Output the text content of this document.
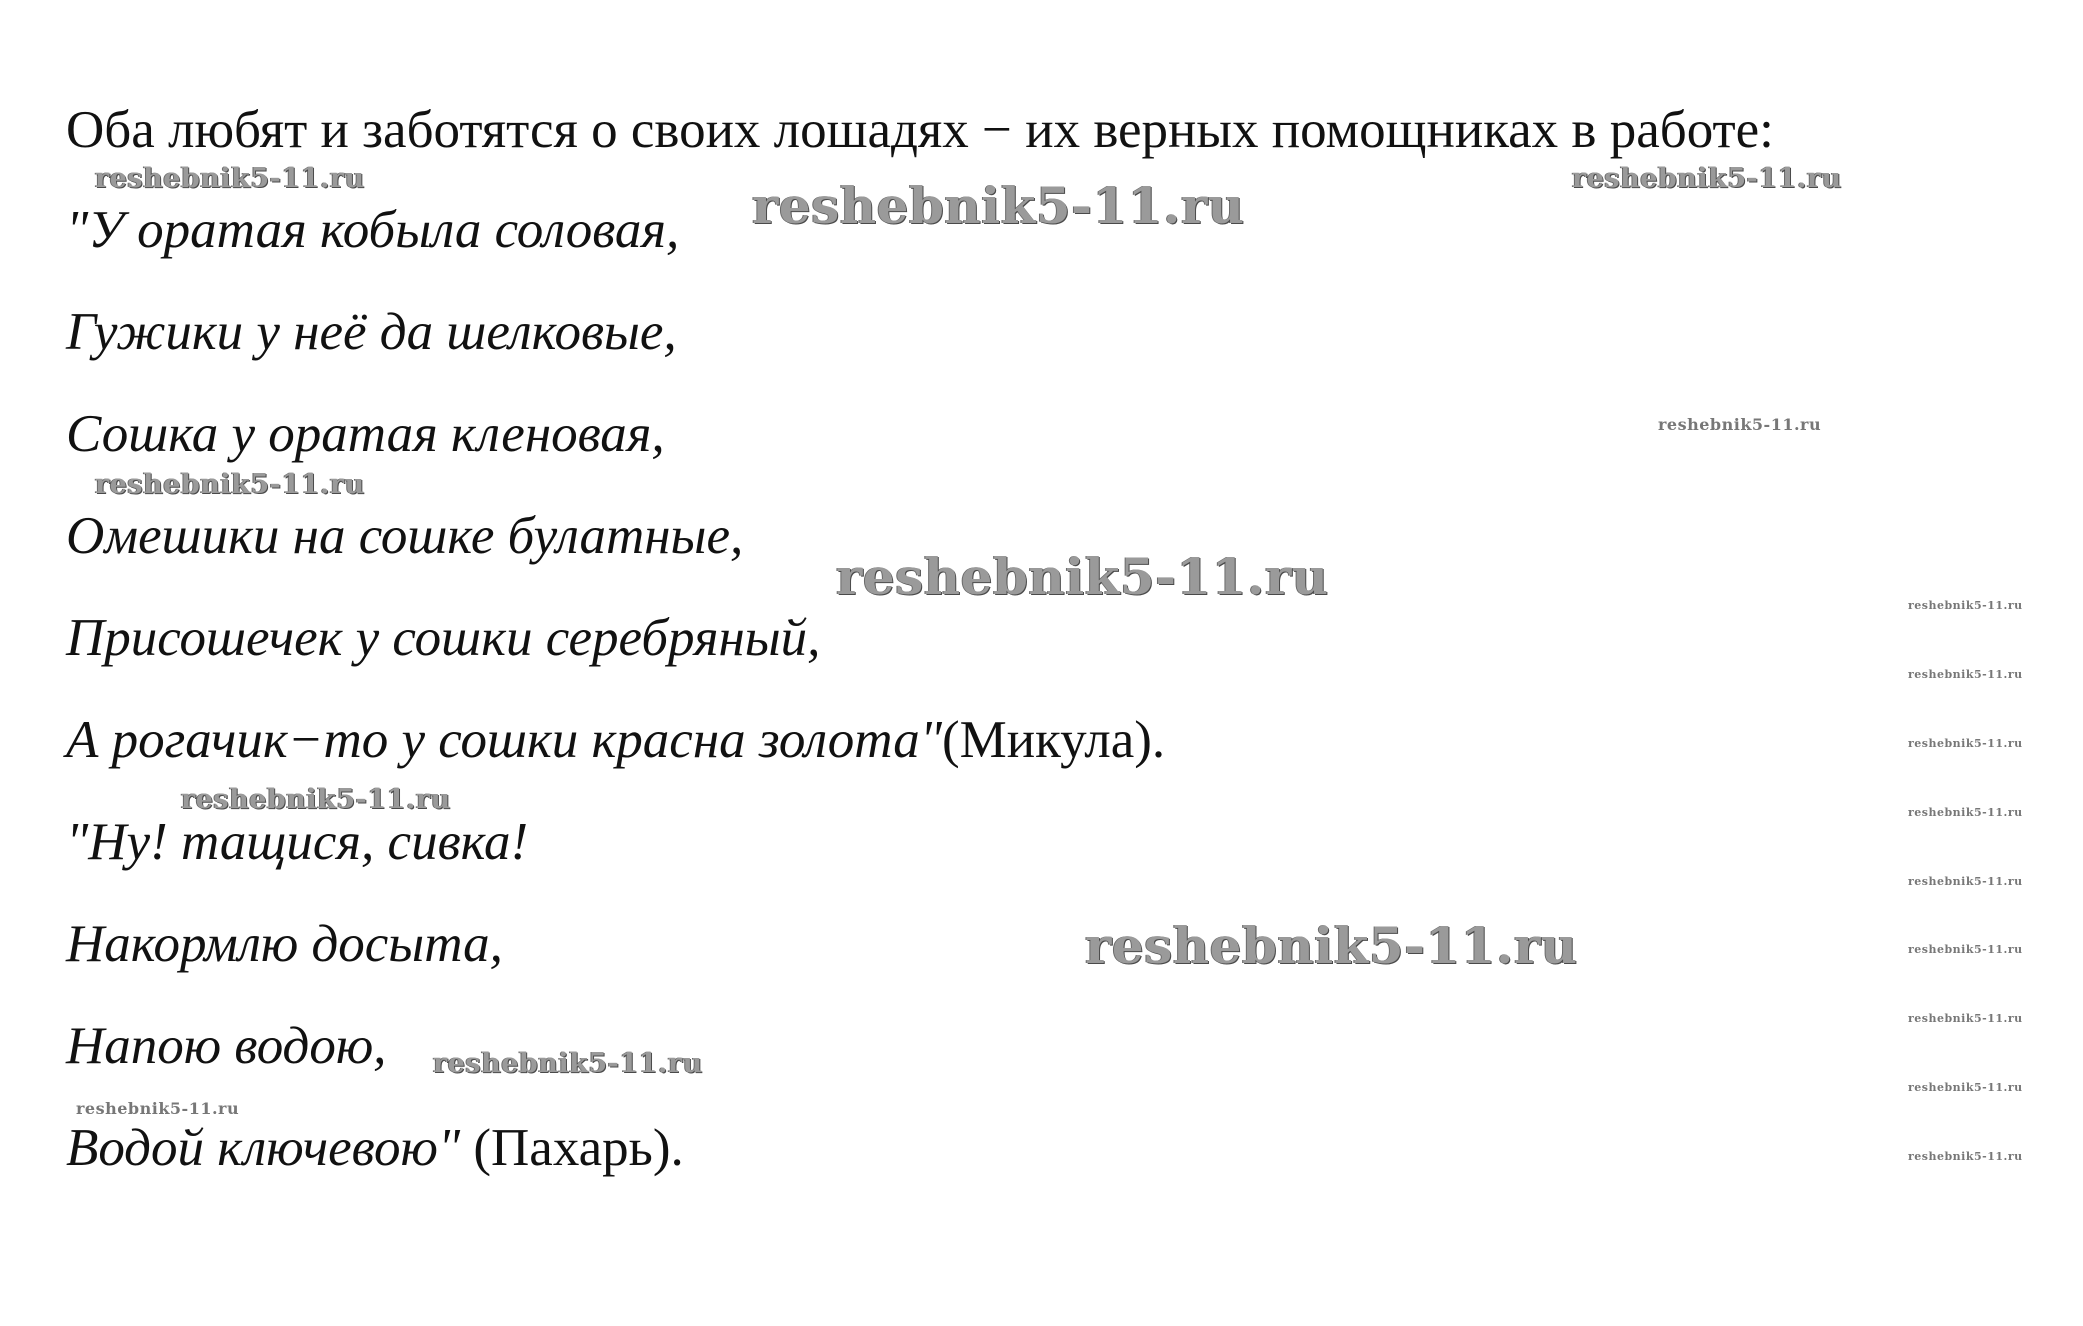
Оба любят и заботятся о своих лошадях − их верных помощниках в работе:
"У оратая кобыла соловая,
Гужики у неё да шелковые,
Сошка у оратая кленовая,
Омешики на сошке булатные,
Присошечек у сошки серебряный,
А рогачик−то у сошки красна золота"(Микула).
"Ну! тащися, сивка!
Накормлю досыта,
Напою водою,
Водой ключевою" (Пахарь).
reshebnik5-11.ru	reshebnik5-11.ru	reshebnik5-11.ru
reshebnik5-11.ru
reshebnik5-11.ru
reshebnik5-11.ru
reshebnik5-11.ru
reshebnik5-11.ru
reshebnik5-11.ru
reshebnik5-11.ru
reshebnik5-11.ru
reshebnik5-11.ru
reshebnik5-11.ru
reshebnik5-11.ru
reshebnik5-11.ru
reshebnik5-11.ru
reshebnik5-11.ru
reshebnik5-11.ru
reshebnik5-11.ru
